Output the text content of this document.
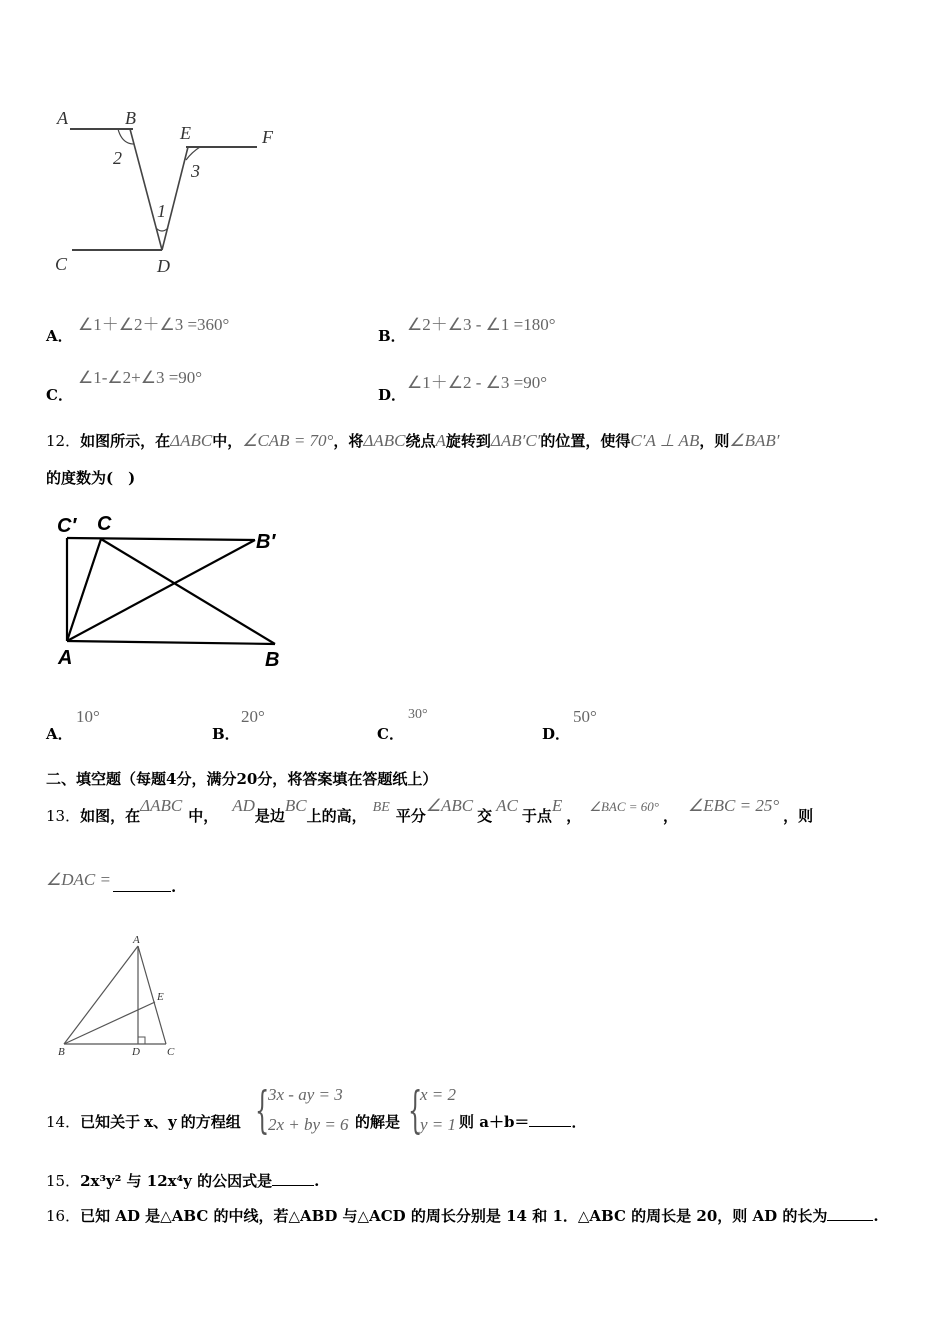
A	B
E	F
2
3
1
C	D
A．
∠1＋∠2＋∠3 =360°
B．
∠2＋∠3 - ∠1 =180°
C．
∠1-∠2+∠3 =90°
D．
∠1＋∠2 - ∠3 =90°
12．如图所示，在ΔABC中，∠CAB = 70°，将ΔABC绕点A旋转到ΔAB′C′的位置，使得C′A ⊥ AB，则∠BAB′
的度数为(　)
C′ C
B′
A	B
A．
10°
B．
20°
C．
30°
D．
50°
二、填空题（每题4分，满分20分，将答案填在答题纸上）
13．如图，在ΔABC中，AD是边BC上的高， BE 平分∠ABC交AC于点E，∠BAC = 60°，∠EBC = 25°，则
∠DAC =	.
A
E
B	D C
14．已知关于 x、y 的方程组 {
3x - ay = 3
2x + by = 6 的解是 {
x = 2
y = 1 则 a＋b＝	．
15．2x³y² 与 12x⁴y 的公因式是	.
16．已知 AD 是△ABC 的中线，若△ABD 与△ACD 的周长分别是 14 和 1．△ABC 的周长是 20，则 AD 的长为	.
